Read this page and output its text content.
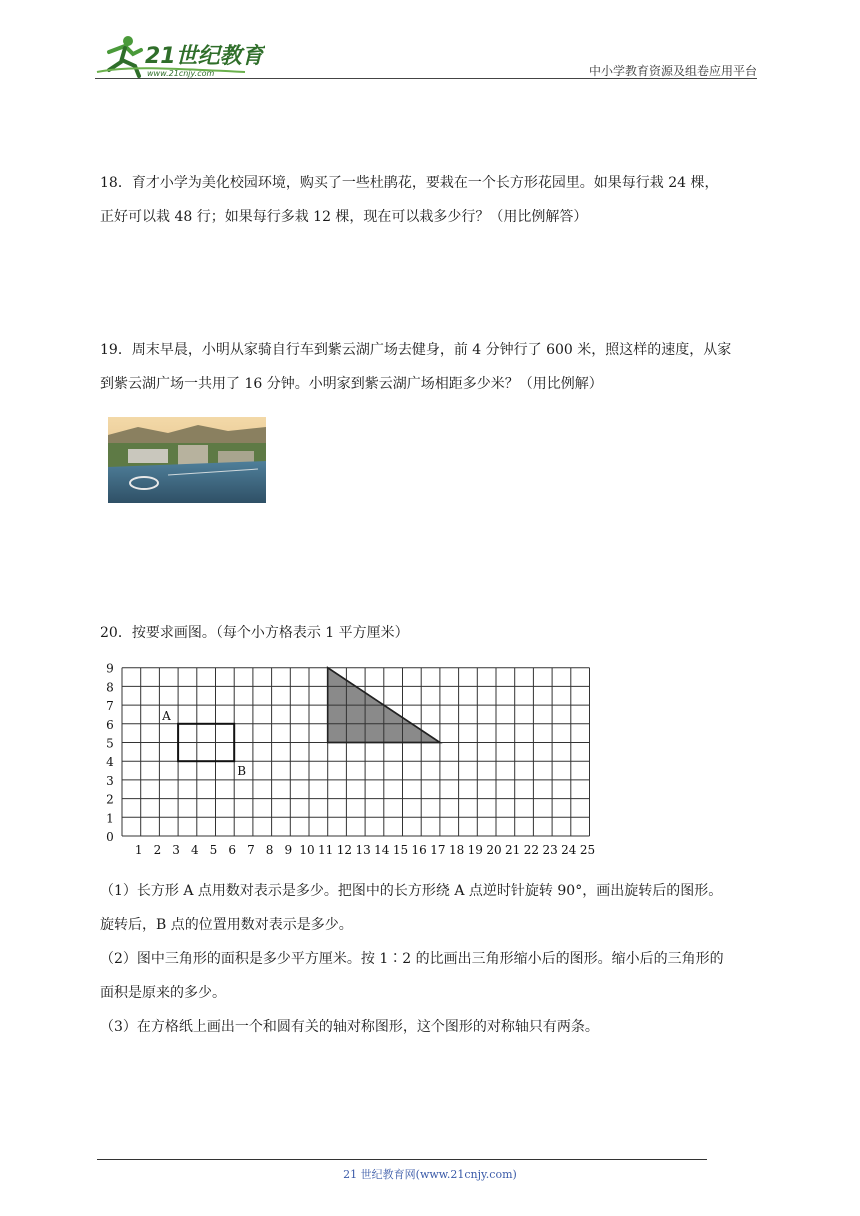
21世纪教育
www.21cnjy.com	中小学教育资源及组卷应用平台

18．育才小学为美化校园环境，购买了一些杜鹃花，要栽在一个长方形花园里。如果每行栽 24 棵，

正好可以栽 48 行；如果每行多栽 12 棵，现在可以栽多少行？（用比例解答）

19．周末早晨，小明从家骑自行车到紫云湖广场去健身，前 4 分钟行了 600 米，照这样的速度，从家

到紫云湖广场一共用了 16 分钟。小明家到紫云湖广场相距多少米？（用比例解）

20．按要求画图。（每个小方格表示 1 平方厘米）

A
B
0
1
2
3
4
5
6
7
8
9
1 2 3 4 5 6 7 8 9 10 11 12 13 14 15 16 17 18 19 20 21 22 23 24 25

（1）长方形 A 点用数对表示是多少。把图中的长方形绕 A 点逆时针旋转 90°，画出旋转后的图形。

旋转后，B 点的位置用数对表示是多少。

（2）图中三角形的面积是多少平方厘米。按 1∶2 的比画出三角形缩小后的图形。缩小后的三角形的

面积是原来的多少。

（3）在方格纸上画出一个和圆有关的轴对称图形，这个图形的对称轴只有两条。

21 世纪教育网(www.21cnjy.com)
